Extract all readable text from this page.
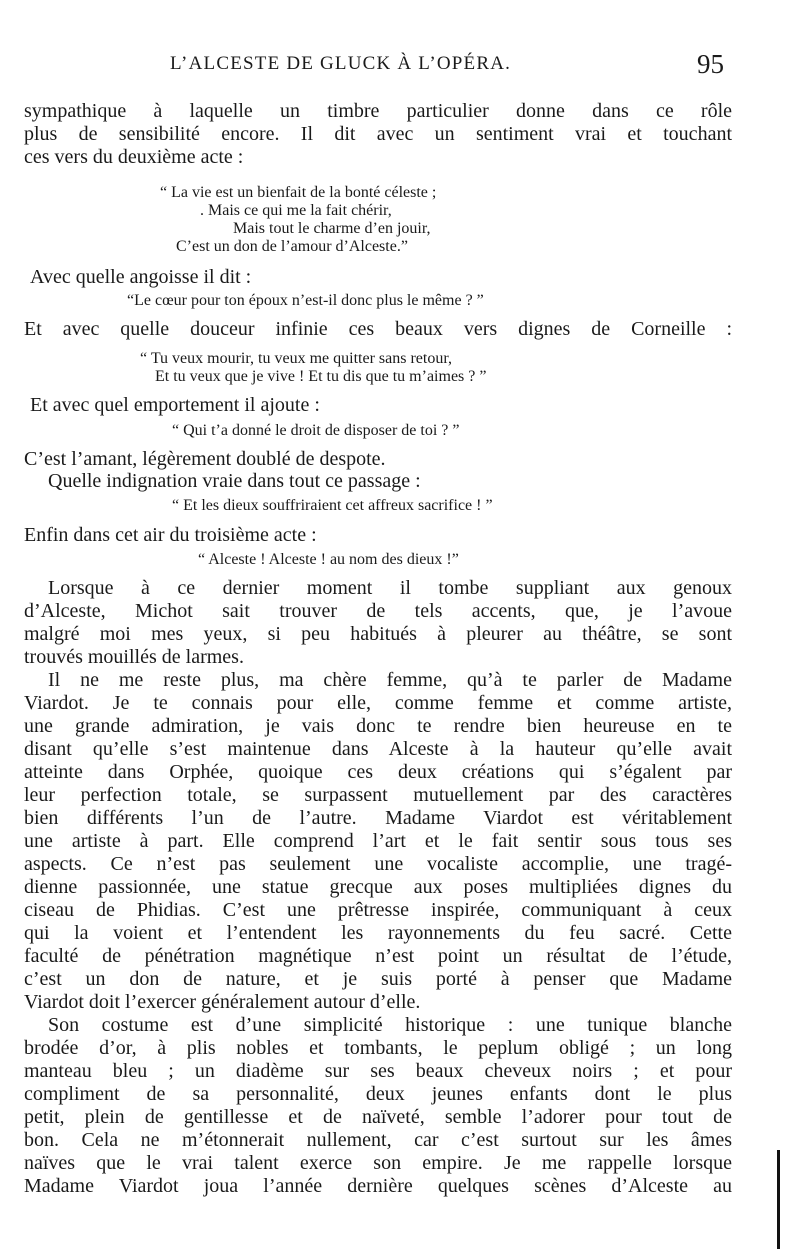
L’ALCESTE DE GLUCK À L’OPÉRA.	95
sympathique à laquelle un timbre particulier donne dans ce rôle
plus de sensibilité encore. Il dit avec un sentiment vrai et touchant
ces vers du deuxième acte :
“ La vie est un bienfait de la bonté céleste ;
. Mais ce qui me la fait chérir,
Mais tout le charme d’en jouir,
C’est un don de l’amour d’Alceste.”
Avec quelle angoisse il dit :
“Le cœur pour ton époux n’est-il donc plus le même ? ”
Et avec quelle douceur infinie ces beaux vers dignes de Corneille :
“ Tu veux mourir, tu veux me quitter sans retour,
Et tu veux que je vive ! Et tu dis que tu m’aimes ? ”
Et avec quel emportement il ajoute :
“ Qui t’a donné le droit de disposer de toi ? ”
C’est l’amant, légèrement doublé de despote.
Quelle indignation vraie dans tout ce passage :
“ Et les dieux souffriraient cet affreux sacrifice ! ”
Enfin dans cet air du troisième acte :
“ Alceste ! Alceste ! au nom des dieux !”
Lorsque à ce dernier moment il tombe suppliant aux genoux
d’Alceste, Michot sait trouver de tels accents, que, je l’avoue
malgré moi mes yeux, si peu habitués à pleurer au théâtre, se sont
trouvés mouillés de larmes.
Il ne me reste plus, ma chère femme, qu’à te parler de Madame
Viardot. Je te connais pour elle, comme femme et comme artiste,
une grande admiration, je vais donc te rendre bien heureuse en te
disant qu’elle s’est maintenue dans Alceste à la hauteur qu’elle avait
atteinte dans Orphée, quoique ces deux créations qui s’égalent par
leur perfection totale, se surpassent mutuellement par des caractères
bien différents l’un de l’autre. Madame Viardot est véritablement
une artiste à part. Elle comprend l’art et le fait sentir sous tous ses
aspects. Ce n’est pas seulement une vocaliste accomplie, une tragé-
dienne passionnée, une statue grecque aux poses multipliées dignes du
ciseau de Phidias. C’est une prêtresse inspirée, communiquant à ceux
qui la voient et l’entendent les rayonnements du feu sacré. Cette
faculté de pénétration magnétique n’est point un résultat de l’étude,
c’est un don de nature, et je suis porté à penser que Madame
Viardot doit l’exercer généralement autour d’elle.
Son costume est d’une simplicité historique : une tunique blanche
brodée d’or, à plis nobles et tombants, le peplum obligé ; un long
manteau bleu ; un diadème sur ses beaux cheveux noirs ; et pour
compliment de sa personnalité, deux jeunes enfants dont le plus
petit, plein de gentillesse et de naïveté, semble l’adorer pour tout de
bon. Cela ne m’étonnerait nullement, car c’est surtout sur les âmes
naïves que le vrai talent exerce son empire. Je me rappelle lorsque
Madame Viardot joua l’année dernière quelques scènes d’Alceste au
